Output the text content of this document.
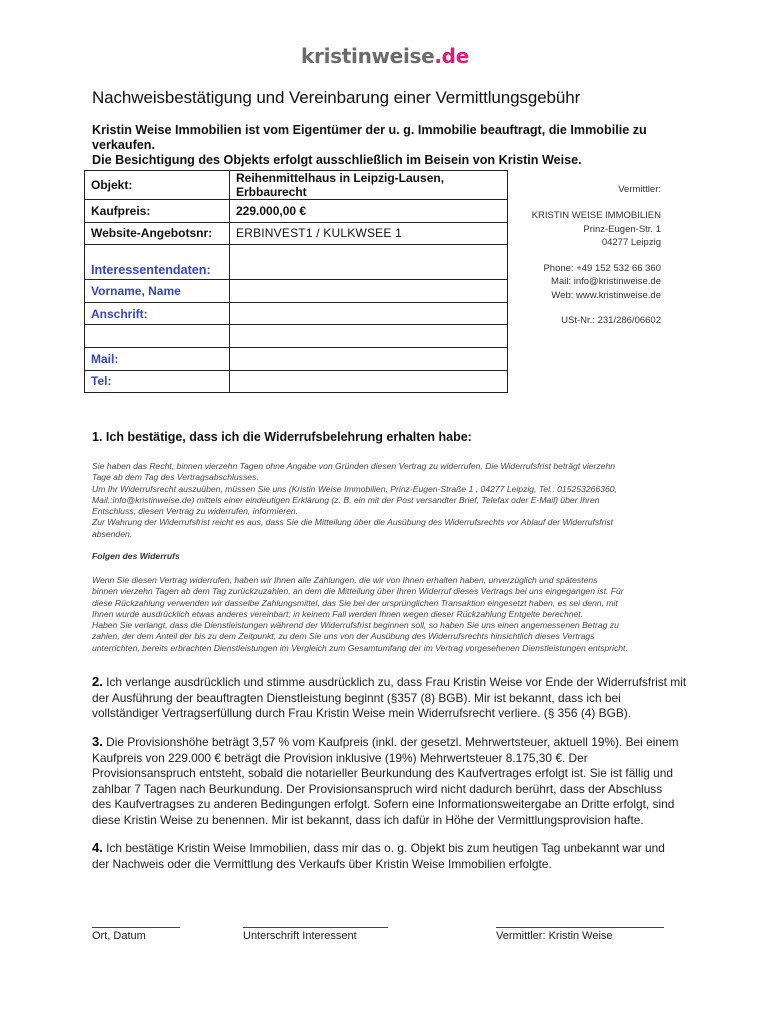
kristinweise.de
Nachweisbestätigung und Vereinbarung einer Vermittlungsgebühr
Kristin Weise Immobilien ist vom Eigentümer der u. g. Immobilie beauftragt, die Immobilie zu verkaufen.
Die Besichtigung des Objekts erfolgt ausschließlich im Beisein von Kristin Weise.
Objekt:	Reihenmittelhaus in Leipzig-Lausen, Erbbaurecht
Kaufpreis:	229.000,00 €
Website-Angebotsnr:	ERBINVEST1 / KULKWSEE 1
Interessentendaten:	
Vorname, Name	
Anschrift:	

Mail:	
Tel:	
Vermittler:
KRISTIN WEISE IMMOBILIEN
Prinz-Eugen-Str. 1
04277 Leipzig
Phone: +49 152 532 66 360
Mail: info@kristinweise.de
Web: www.kristinweise.de
USt-Nr.: 231/286/06602
1. Ich bestätige, dass ich die Widerrufsbelehrung erhalten habe:
Sie haben das Recht, binnen vierzehn Tagen ohne Angabe von Gründen diesen Vertrag zu widerrufen. Die Widerrufsfrist beträgt vierzehn
Tage ab dem Tag des Vertragsabschlusses.
Um Ihr Widerrufsrecht auszuüben, müssen Sie uns (Kristin Weise Immobilien, Prinz-Eugen-Straße 1 , 04277 Leipzig, Tel.: 015253266360,
Mail.:info@kristinweise.de) mittels einer eindeutigen Erklärung (z. B. ein mit der Post versandter Brief, Telefax oder E-Mail) über Ihren
Entschluss, diesen Vertrag zu widerrufen, informieren.
Zur Wahrung der Widerrufsfrist reicht es aus, dass Sie die Mitteilung über die Ausübung des Widerrufsrechts vor Ablauf der Widerrufsfrist
absenden.
Folgen des Widerrufs
Wenn Sie diesen Vertrag widerrufen, haben wir Ihnen alle Zahlungen, die wir von Ihnen erhalten haben, unverzüglich und spätestens
binnen vierzehn Tagen ab dem Tag zurückzuzahlen, an dem die Mitteilung über Ihren Widerruf dieses Vertrags bei uns eingegangen ist. Für
diese Rückzahlung verwenden wir dasselbe Zahlungsmittel, das Sie bei der ursprünglichen Transaktion eingesetzt haben, es sei denn, mit
Ihnen wurde ausdrücklich etwas anderes vereinbart; in keinem Fall werden Ihnen wegen dieser Rückzahlung Entgelte berechnet.
Haben Sie verlangt, dass die Dienstleistungen während der Widerrufsfrist beginnen soll, so haben Sie uns einen angemessenen Betrag zu
zahlen, der dem Anteil der bis zu dem Zeitpunkt, zu dem Sie uns von der Ausübung des Widerrufsrechts hinsichtlich dieses Vertrags
unterrichten, bereits erbrachten Dienstleistungen im Vergleich zum Gesamtumfang der im Vertrag vorgesehenen Dienstleistungen entspricht.
2. Ich verlange ausdrücklich und stimme ausdrücklich zu, dass Frau Kristin Weise vor Ende der Widerrufsfrist mit
der Ausführung der beauftragten Dienstleistung beginnt (§357 (8) BGB). Mir ist bekannt, dass ich bei
vollständiger Vertragserfüllung durch Frau Kristin Weise mein Widerrufsrecht verliere. (§ 356 (4) BGB).
3. Die Provisionshöhe beträgt 3,57 % vom Kaufpreis (inkl. der gesetzl. Mehrwertsteuer, aktuell 19%). Bei einem
Kaufpreis von 229.000 € beträgt die Provision inklusive (19%) Mehrwertsteuer 8.175,30 €. Der
Provisionsanspruch entsteht, sobald die notarieller Beurkundung des Kaufvertrages erfolgt ist. Sie ist fällig und
zahlbar 7 Tagen nach Beurkundung. Der Provisionsanspruch wird nicht dadurch berührt, dass der Abschluss
des Kaufvertragses zu anderen Bedingungen erfolgt. Sofern eine Informationsweitergabe an Dritte erfolgt, sind
diese Kristin Weise zu benennen. Mir ist bekannt, dass ich dafür in Höhe der Vermittlungsprovision hafte.
4. Ich bestätige Kristin Weise Immobilien, dass mir das o. g. Objekt bis zum heutigen Tag unbekannt war und
der Nachweis oder die Vermittlung des Verkaufs über Kristin Weise Immobilien erfolgte.
Ort, Datum	Unterschrift Interessent	Vermittler: Kristin Weise
